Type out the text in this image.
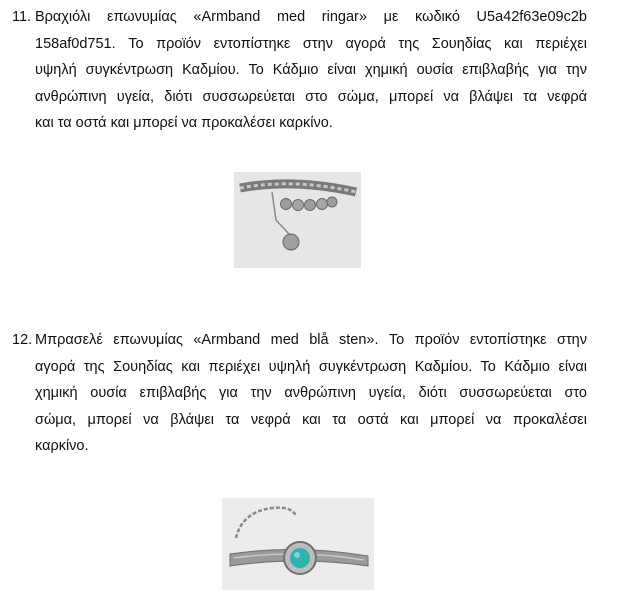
11. Βραχιόλι επωνυμίας «Armband med ringar» με κωδικό U5a42f63e09c2b
158af0d751. Το προϊόν εντοπίστηκε στην αγορά της Σουηδίας και περιέχει
υψηλή συγκέντρωση Καδμίου. Το Κάδμιο είναι χημική ουσία επιβλαβής για την
ανθρώπινη υγεία, διότι συσσωρεύεται στο σώμα, μπορεί να βλάψει τα νεφρά
και τα οστά και μπορεί να προκαλέσει καρκίνο.
12. Μπρασελέ επωνυμίας «Armband med blå sten». Το προϊόν εντοπίστηκε στην
αγορά της Σουηδίας και περιέχει υψηλή συγκέντρωση Καδμίου. Το Κάδμιο είναι
χημική ουσία επιβλαβής για την ανθρώπινη υγεία, διότι συσσωρεύεται στο
σώμα, μπορεί να βλάψει τα νεφρά και τα οστά και μπορεί να προκαλέσει
καρκίνο.
